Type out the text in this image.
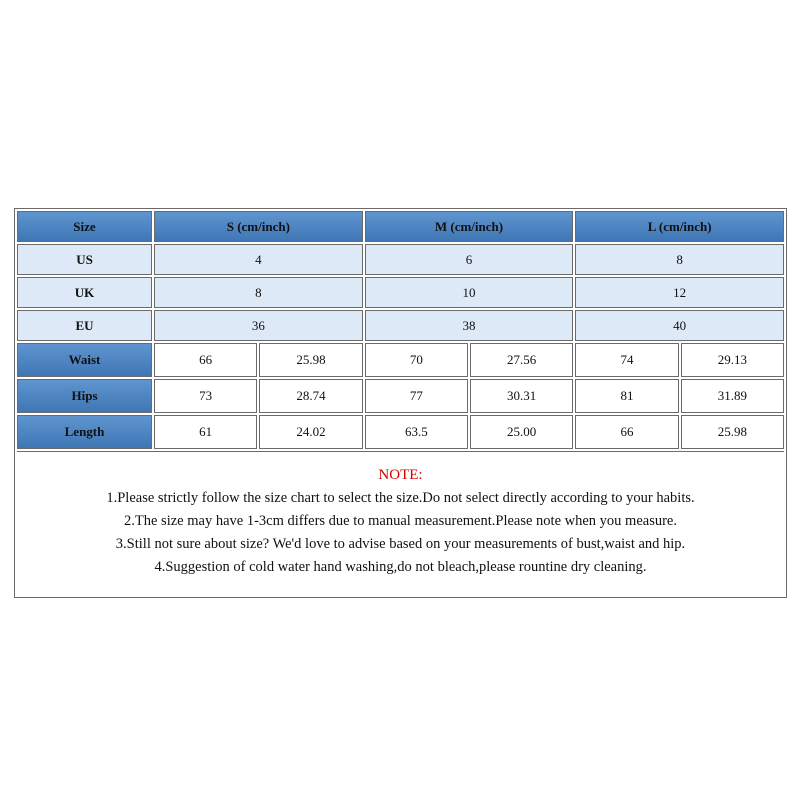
Size	S (cm/inch)		M (cm/inch)		L (cm/inch)	
US	4		6		8	
UK	8		10		12	
EU	36		38		40	
Waist	66	25.98	70	27.56	74	29.13
Hips	73	28.74	77	30.31	81	31.89
Length	61	24.02	63.5	25.00	66	25.98
NOTE:
1.Please strictly follow the size chart to select the size.Do not select directly according to your habits.
2.The size may have 1-3cm differs due to manual measurement.Please note when you measure.
3.Still not sure about size? We'd love to advise based on your measurements of bust,waist and hip.
4.Suggestion of cold water hand washing,do not bleach,please rountine dry cleaning.
